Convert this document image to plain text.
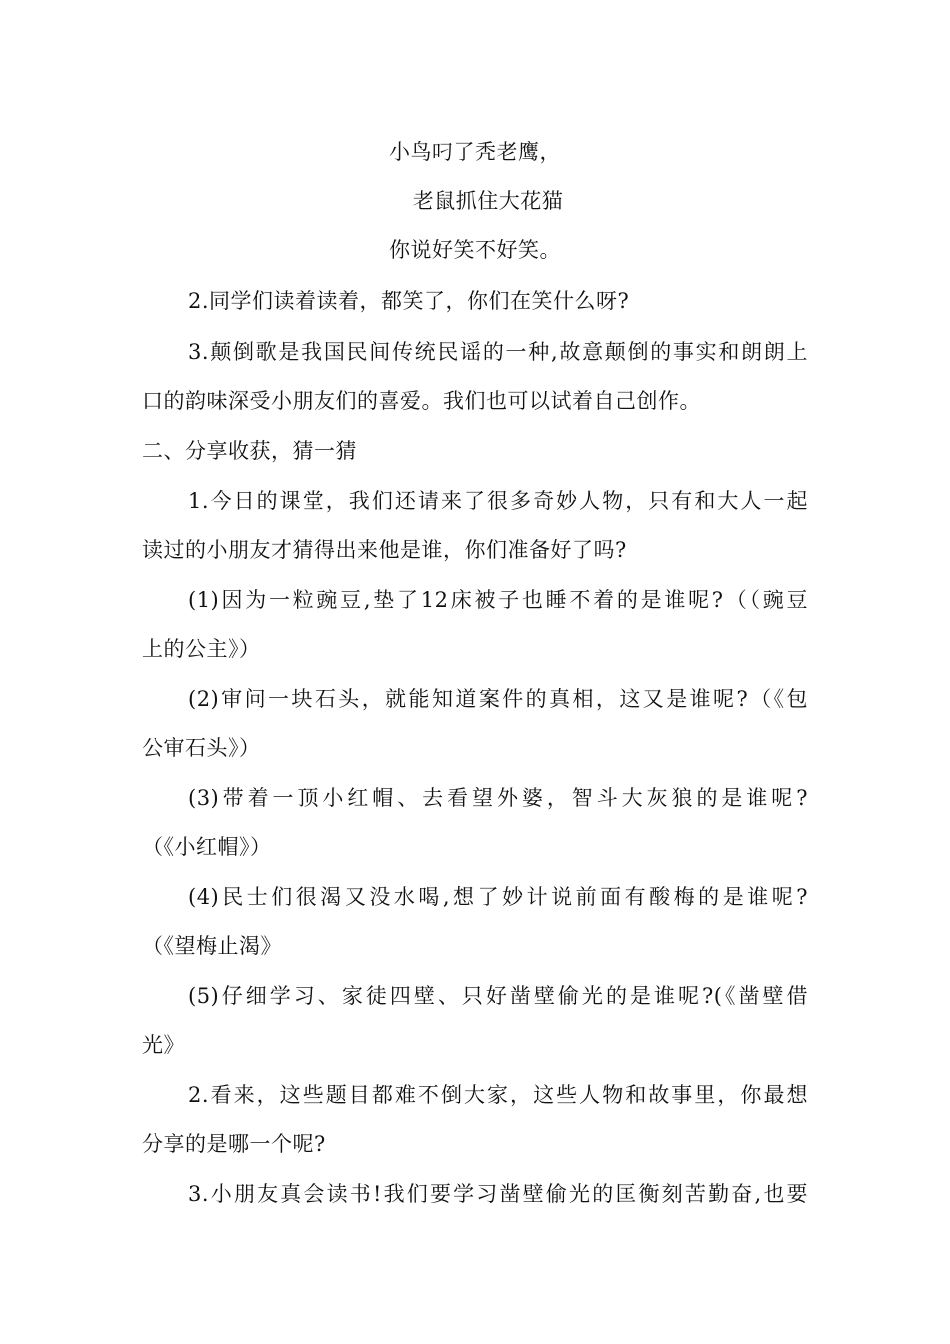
小鸟叼了秃老鹰，
老鼠抓住大花猫
你说好笑不好笑。
2.同学们读着读着，都笑了，你们在笑什么呀?
3.颠倒歌是我国民间传统民谣的一种,故意颠倒的事实和朗朗上
口的韵味深受小朋友们的喜爱。我们也可以试着自己创作。
二、分享收获，猜一猜
1.今日的课堂，我们还请来了很多奇妙人物，只有和大人一起
读过的小朋友才猜得出来他是谁，你们准备好了吗?
(1)因为一粒豌豆,垫了12床被子也睡不着的是谁呢?（（豌豆
上的公主》）
(2)审问一块石头，就能知道案件的真相，这又是谁呢?（《包
公审石头》）
(3)带着一顶小红帽、去看望外婆，智斗大灰狼的是谁呢?
（《小红帽》）
(4)民士们很渴又没水喝,想了妙计说前面有酸梅的是谁呢?
（《望梅止渴》
(5)仔细学习、家徒四壁、只好凿壁偷光的是谁呢?(《凿壁借
光》
2.看来，这些题目都难不倒大家，这些人物和故事里，你最想
分享的是哪一个呢?
3.小朋友真会读书!我们要学习凿壁偷光的匡衡刻苦勤奋,也要
